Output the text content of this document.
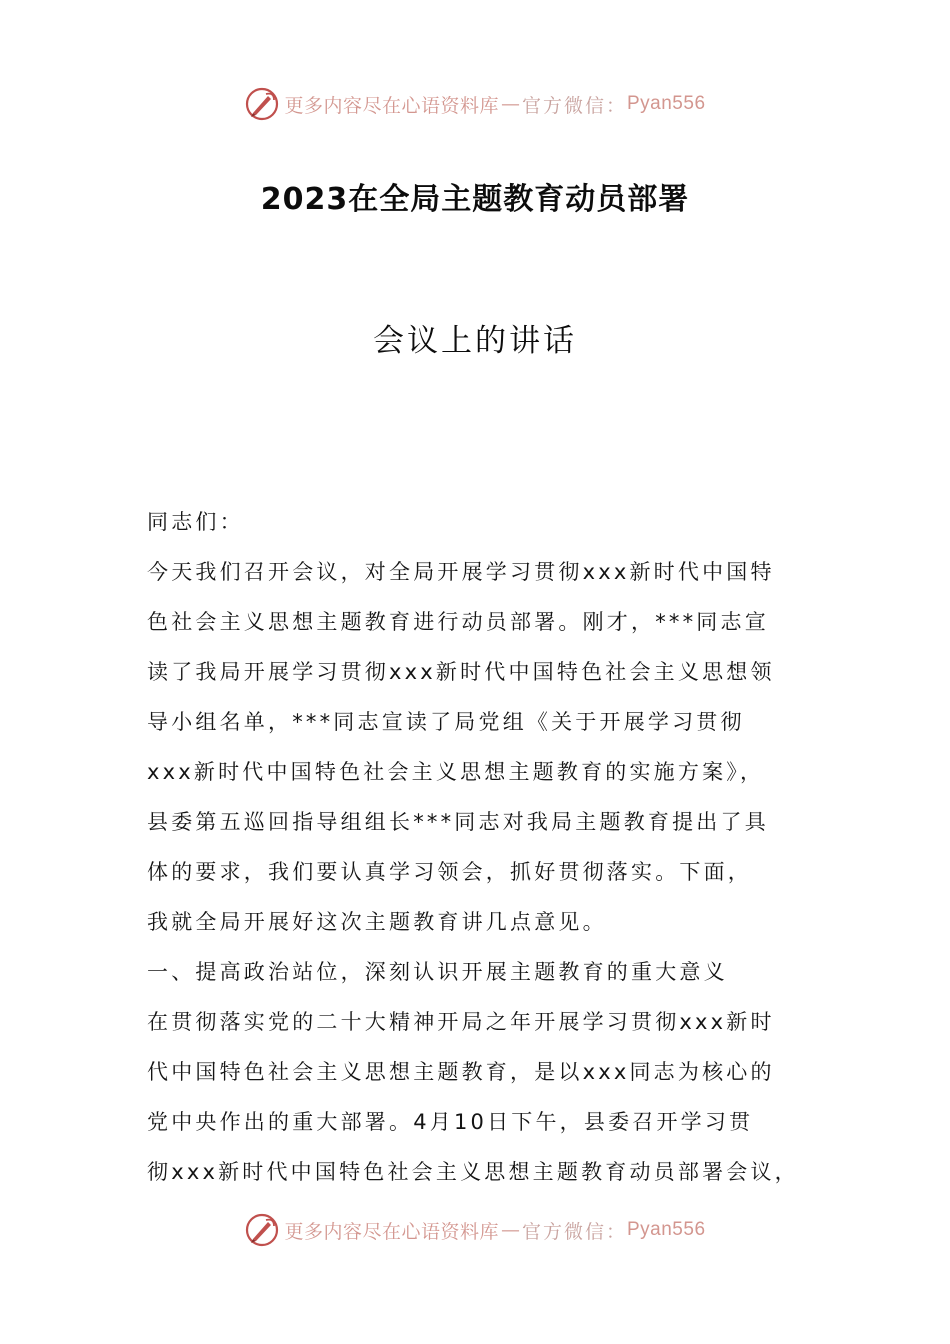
更多内容尽在心语资料库 — 官方微信： Pyan556
2023在全局主题教育动员部署
会议上的讲话
同志们：
今天我们召开会议，对全局开展学习贯彻xxx新时代中国特
色社会主义思想主题教育进行动员部署。刚才，***同志宣
读了我局开展学习贯彻xxx新时代中国特色社会主义思想领
导小组名单，***同志宣读了局党组《关于开展学习贯彻
xxx新时代中国特色社会主义思想主题教育的实施方案》，
县委第五巡回指导组组长***同志对我局主题教育提出了具
体的要求，我们要认真学习领会，抓好贯彻落实。下面，
我就全局开展好这次主题教育讲几点意见。
一、提高政治站位，深刻认识开展主题教育的重大意义
在贯彻落实党的二十大精神开局之年开展学习贯彻xxx新时
代中国特色社会主义思想主题教育，是以xxx同志为核心的
党中央作出的重大部署。4月10日下午，县委召开学习贯
彻xxx新时代中国特色社会主义思想主题教育动员部署会议，
更多内容尽在心语资料库 — 官方微信： Pyan556
